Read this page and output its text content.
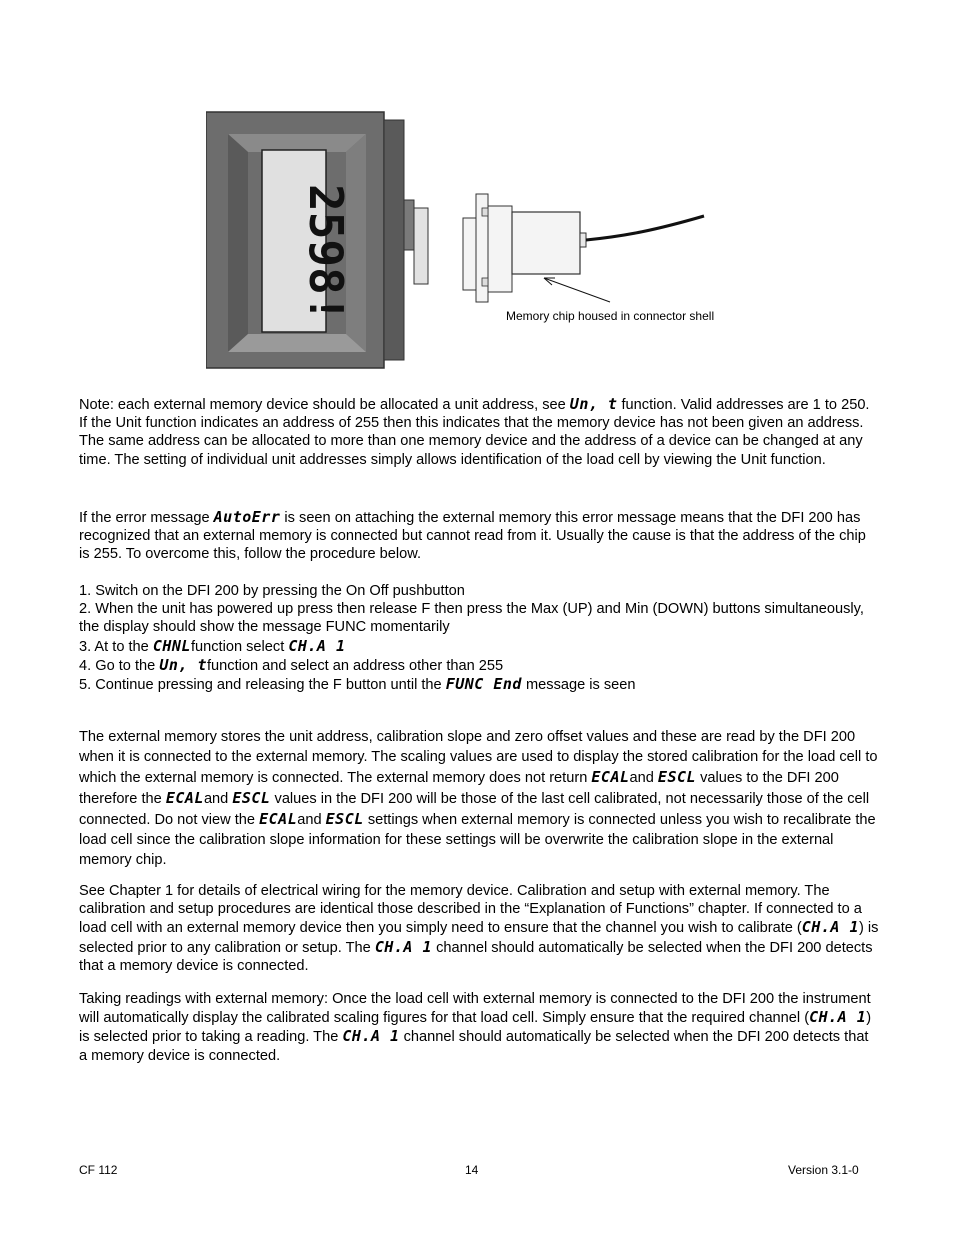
2598!	Memory chip housed in connector shell

Note: each external memory device should be allocated a unit address, see Un, t function. Valid addresses are 1 to 250. If the Unit function indicates an address of 255 then this indicates that the memory device has not been given an address. The same address can be allocated to more than one memory device and the address of a device can be changed at any time. The setting of individual unit addresses simply allows identification of the load cell by viewing the Unit function.

If the error message AutoErr is seen on attaching the external memory this error message means that the DFI 200 has recognized that an external memory is connected but cannot read from it. Usually the cause is that the address of the chip is 255. To overcome this, follow the procedure below.

1. Switch on the DFI 200 by pressing the On Off pushbutton

2. When the unit has powered up press then release F then press the Max (UP) and Min (DOWN) buttons simultaneously, the display should show the message FUNC momentarily

3. At to the CHNLfunction select CH.A 1

4. Go to the Un, tfunction and select an address other than 255

5. Continue pressing and releasing the F button until the FUNC End message is seen

The external memory stores the unit address, calibration slope and zero offset values and these are read by the DFI 200 when it is connected to the external memory. The scaling values are used to display the stored calibration for the load cell to which the external memory is connected. The external memory does not return ECALand ESCL values to the DFI 200 therefore the ECALand ESCL values in the DFI 200 will be those of the last cell calibrated, not necessarily those of the cell connected. Do not view the ECALand ESCL settings when external memory is connected unless you wish to recalibrate the load cell since the calibration slope information for these settings will be overwrite the calibration slope in the external memory chip.

See Chapter 1 for details of electrical wiring for the memory device. Calibration and setup with external memory. The calibration and setup procedures are identical those described in the “Explanation of Functions” chapter. If connected to a load cell with an external memory device then you simply need to ensure that the channel you wish to calibrate (CH.A 1) is selected prior to any calibration or setup. The CH.A 1 channel should automatically be selected when the DFI 200 detects that a memory device is connected.

Taking readings with external memory: Once the load cell with external memory is connected to the DFI 200 the instrument will automatically display the calibrated scaling figures for that load cell. Simply ensure that the required channel (CH.A 1) is selected prior to taking a reading. The CH.A 1 channel should automatically be selected when the DFI 200 detects that a memory device is connected.

CF 112	14	Version 3.1-0
